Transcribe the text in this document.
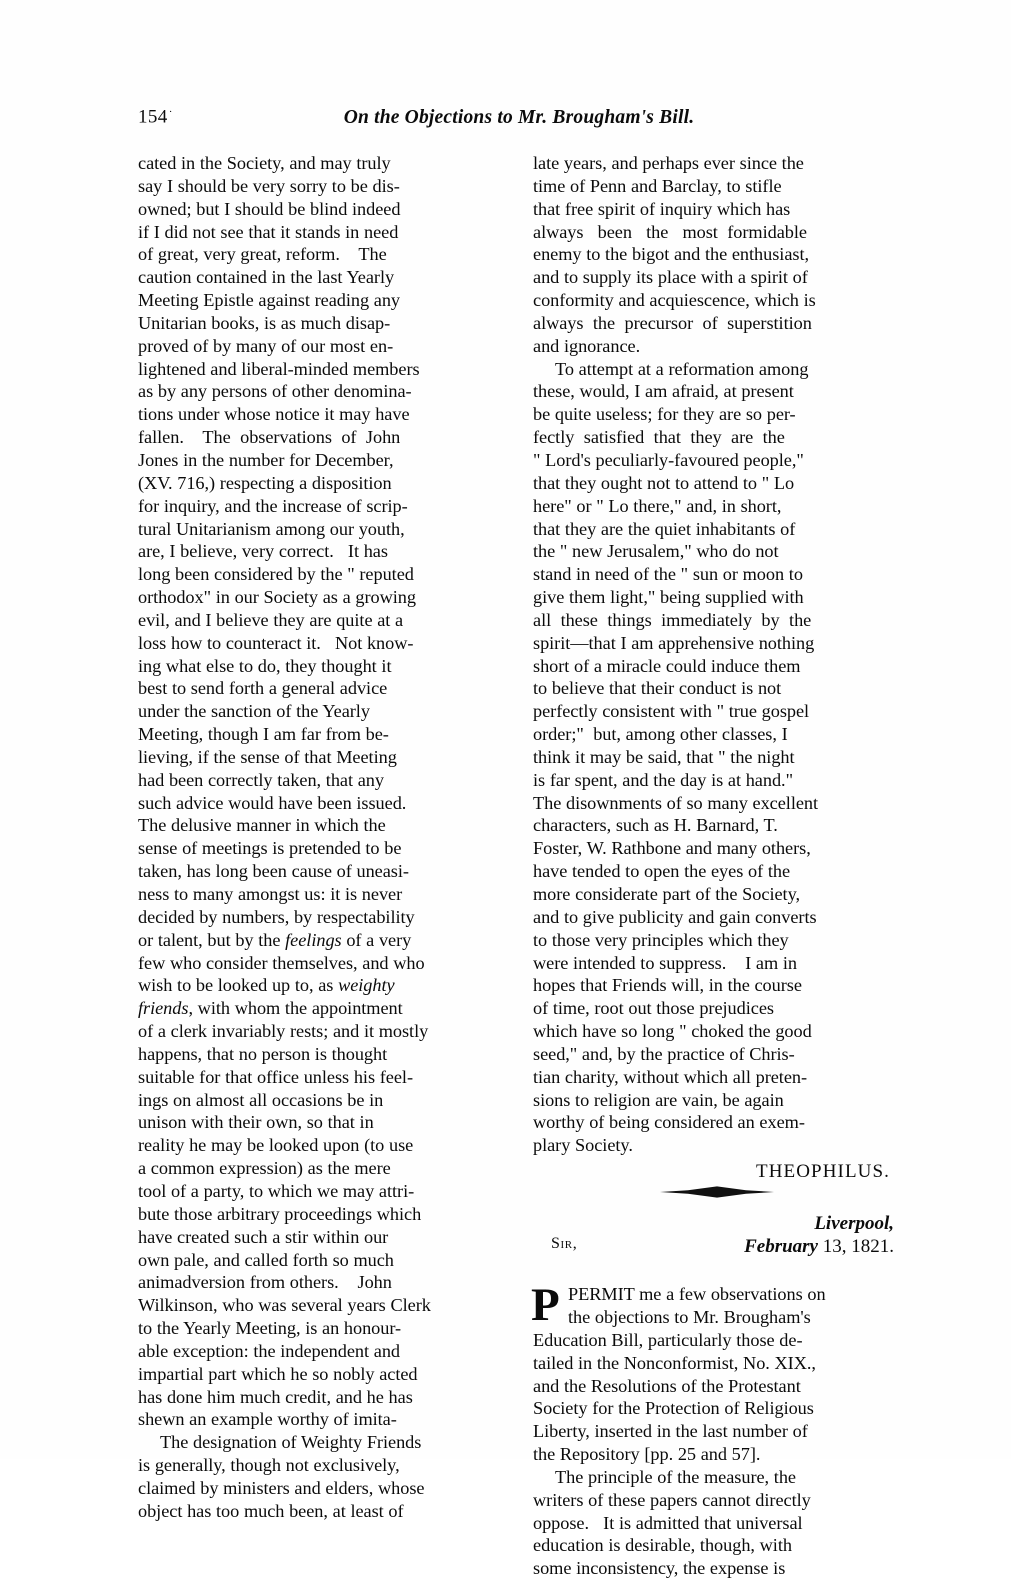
154·	On the Objections to Mr. Brougham's Bill.

cated in the Society, and may truly
say I should be very sorry to be dis-
owned; but I should be blind indeed
if I did not see that it stands in need
of great, very great, reform.    The
caution contained in the last Yearly
Meeting Epistle against reading any
Unitarian books, is as much disap-
proved of by many of our most en-
lightened and liberal-minded members
as by any persons of other denomina-
tions under whose notice it may have
fallen.    The  observations  of  John
Jones in the number for December,
(XV. 716,) respecting a disposition
for inquiry, and the increase of scrip-
tural Unitarianism among our youth,
are, I believe, very correct.   It has
long been considered by the " reputed
orthodox" in our Society as a growing
evil, and I believe they are quite at a
loss how to counteract it.   Not know-
ing what else to do, they thought it
best to send forth a general advice
under the sanction of the Yearly
Meeting, though I am far from be-
lieving, if the sense of that Meeting
had been correctly taken, that any
such advice would have been issued.
The delusive manner in which the
sense of meetings is pretended to be
taken, has long been cause of uneasi-
ness to many amongst us: it is never
decided by numbers, by respectability
or talent, but by the feelings of a very
few who consider themselves, and who
wish to be looked up to, as weighty
friends, with whom the appointment
of a clerk invariably rests; and it mostly
happens, that no person is thought
suitable for that office unless his feel-
ings on almost all occasions be in
unison with their own, so that in
reality he may be looked upon (to use
a common expression) as the mere
tool of a party, to which we may attri-
bute those arbitrary proceedings which
have created such a stir within our
own pale, and called forth so much
animadversion from others.    John
Wilkinson, who was several years Clerk
to the Yearly Meeting, is an honour-
able exception: the independent and
impartial part which he so nobly acted
has done him much credit, and he has
shewn an example worthy of imita-

The designation of Weighty Friends
is generally, though not exclusively,
claimed by ministers and elders, whose
object has too much been, at least of

late years, and perhaps ever since the
time of Penn and Barclay, to stifle
that free spirit of inquiry which has
always   been   the   most  formidable
enemy to the bigot and the enthusiast,
and to supply its place with a spirit of
conformity and acquiescence, which is
always  the  precursor  of  superstition
and ignorance.

To attempt at a reformation among
these, would, I am afraid, at present
be quite useless; for they are so per-
fectly  satisfied  that  they  are  the
" Lord's peculiarly-favoured people,"
that they ought not to attend to " Lo
here" or " Lo there," and, in short,
that they are the quiet inhabitants of
the " new Jerusalem," who do not
stand in need of the " sun or moon to
give them light," being supplied with
all  these  things  immediately  by  the
spirit—that I am apprehensive nothing
short of a miracle could induce them
to believe that their conduct is not
perfectly consistent with " true gospel
order;"  but, among other classes, I
think it may be said, that " the night
is far spent, and the day is at hand."
The disownments of so many excellent
characters, such as H. Barnard, T.
Foster, W. Rathbone and many others,
have tended to open the eyes of the
more considerate part of the Society,
and to give publicity and gain converts
to those very principles which they
were intended to suppress.    I am in
hopes that Friends will, in the course
of time, root out those prejudices
which have so long " choked the good
seed," and, by the practice of Chris-
tian charity, without which all preten-
sions to religion are vain, be again
worthy of being considered an exem-
plary Society.

THEOPHILUS.

Liverpool,
February 13, 1821.

Sir,
P PERMIT me a few observations on
the objections to Mr. Brougham's
Education Bill, particularly those de-
tailed in the Nonconformist, No. XIX.,
and the Resolutions of the Protestant
Society for the Protection of Religious
Liberty, inserted in the last number of
the Repository [pp. 25 and 57].

The principle of the measure, the
writers of these papers cannot directly
oppose.   It is admitted that universal
education is desirable, though, with
some inconsistency, the expense is
